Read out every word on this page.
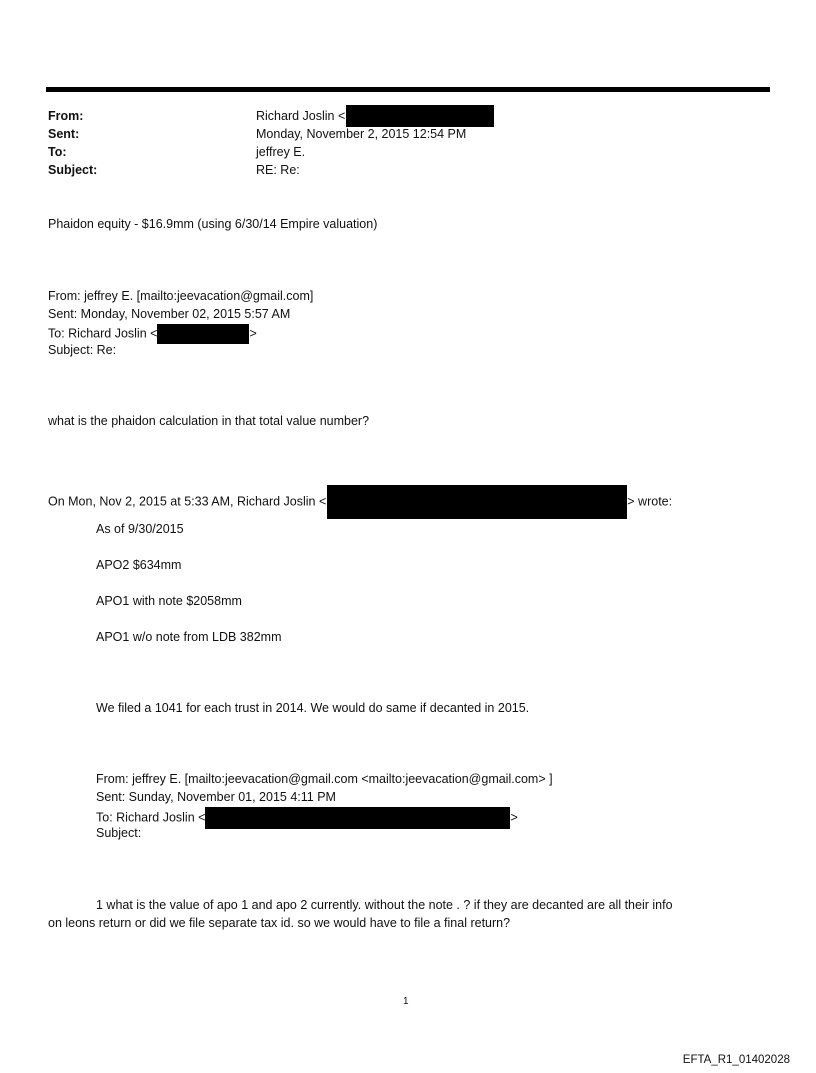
From:	Richard Joslin <
Sent:	Monday, November 2, 2015 12:54 PM
To:	jeffrey E.
Subject:	RE: Re:
Phaidon equity - $16.9mm (using 6/30/14 Empire valuation)
From: jeffrey E. [mailto:jeevacation@gmail.com]
Sent: Monday, November 02, 2015 5:57 AM
To: Richard Joslin <	>
Subject: Re:
what is the phaidon calculation in that total value number?
On Mon, Nov 2, 2015 at 5:33 AM, Richard Joslin <	> wrote:
As of 9/30/2015
APO2 $634mm
APO1 with note $2058mm
APO1 w/o note from LDB 382mm
We filed a 1041 for each trust in 2014. We would do same if decanted in 2015.
From: jeffrey E. [mailto:jeevacation@gmail.com <mailto:jeevacation@gmail.com> ]
Sent: Sunday, November 01, 2015 4:11 PM
To: Richard Joslin <	>
Subject:
1 what is the value of apo 1 and apo 2 currently. without the note . ? if they are decanted are all their info
on leons return or did we file separate tax id. so we would have to file a final return?
1
EFTA_R1_01402028
